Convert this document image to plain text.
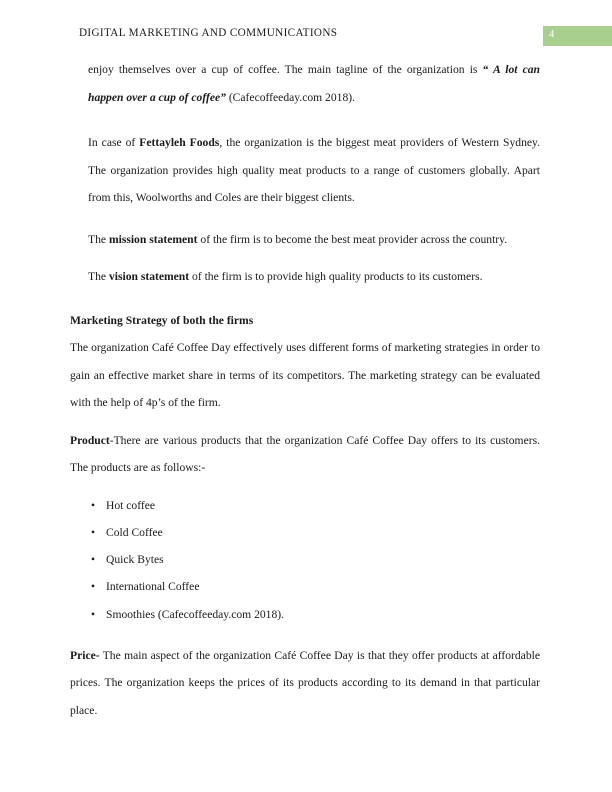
DIGITAL MARKETING AND COMMUNICATIONS	4

enjoy themselves over a cup of coffee. The main tagline of the organization is “ A lot can happen over a cup of coffee” (Cafecoffeeday.com 2018).

In case of Fettayleh Foods, the organization is the biggest meat providers of Western Sydney. The organization provides high quality meat products to a range of customers globally. Apart from this, Woolworths and Coles are their biggest clients.

The mission statement of the firm is to become the best meat provider across the country.

The vision statement of the firm is to provide high quality products to its customers.

Marketing Strategy of both the firms

The organization Café Coffee Day effectively uses different forms of marketing strategies in order to gain an effective market share in terms of its competitors. The marketing strategy can be evaluated with the help of 4p’s of the firm.

Product-There are various products that the organization Café Coffee Day offers to its customers. The products are as follows:-

• Hot coffee
• Cold Coffee
• Quick Bytes
• International Coffee
• Smoothies (Cafecoffeeday.com 2018).

Price- The main aspect of the organization Café Coffee Day is that they offer products at affordable prices. The organization keeps the prices of its products according to its demand in that particular place.
